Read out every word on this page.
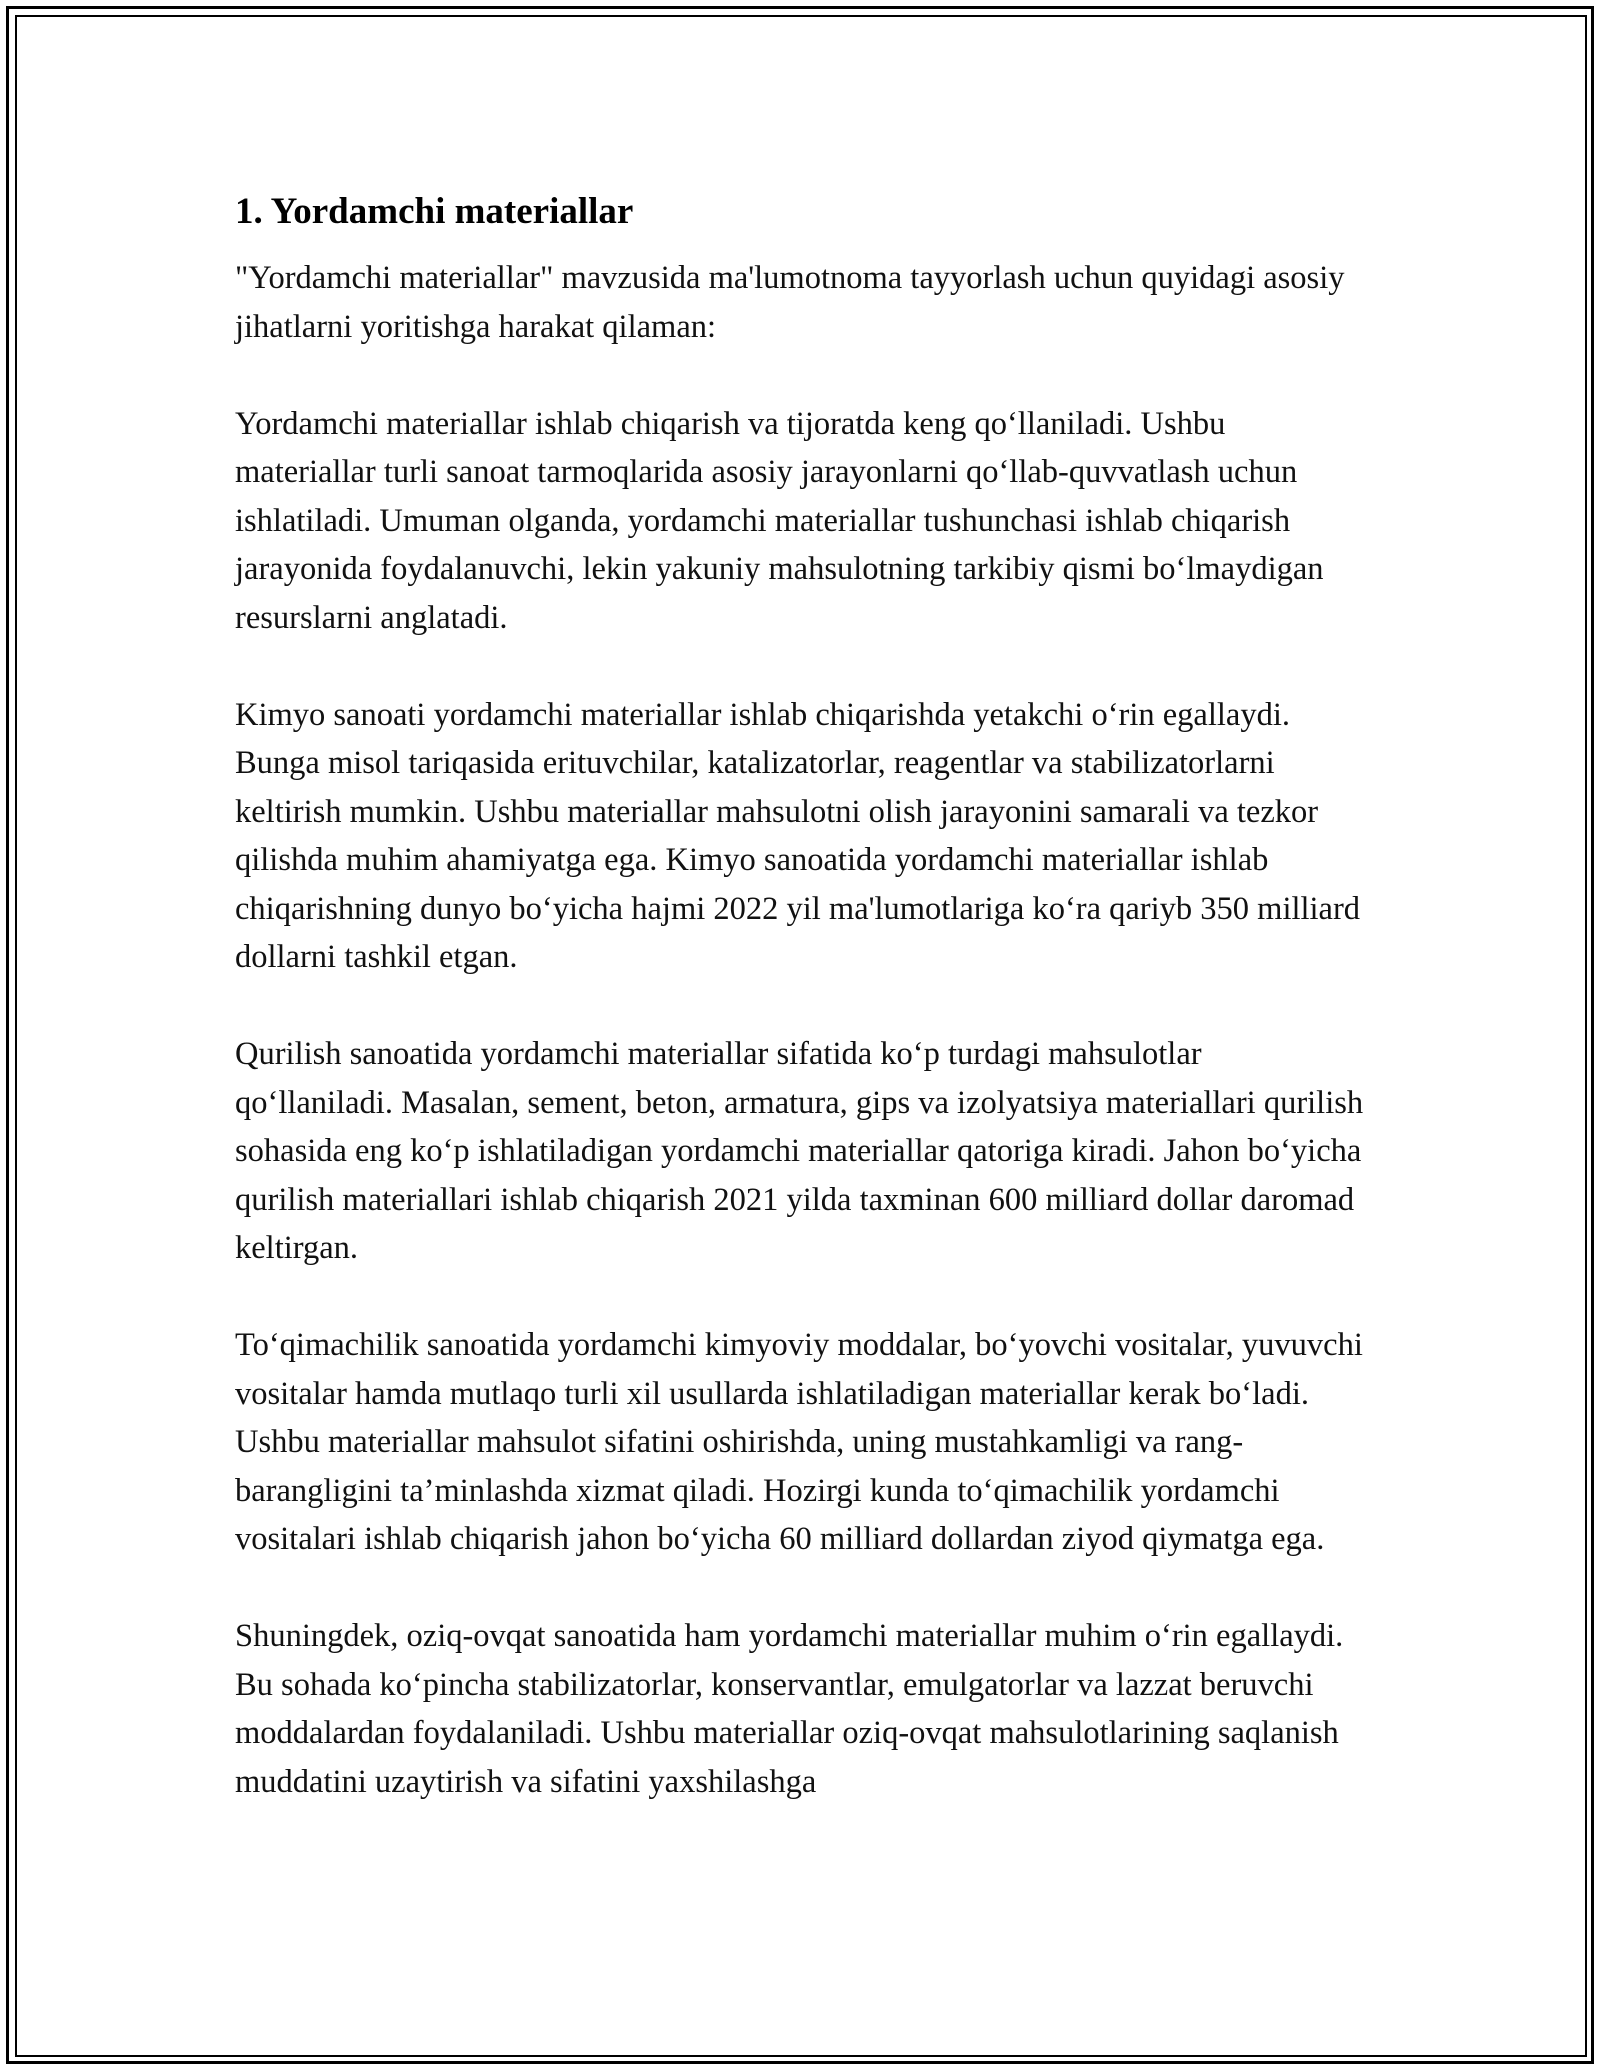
1. Yordamchi materiallar

"Yordamchi materiallar" mavzusida ma'lumotnoma tayyorlash uchun quyidagi asosiy jihatlarni yoritishga harakat qilaman:

Yordamchi materiallar ishlab chiqarish va tijoratda keng qo‘llaniladi. Ushbu materiallar turli sanoat tarmoqlarida asosiy jarayonlarni qo‘llab-quvvatlash uchun ishlatiladi. Umuman olganda, yordamchi materiallar tushunchasi ishlab chiqarish jarayonida foydalanuvchi, lekin yakuniy mahsulotning tarkibiy qismi bo‘lmaydigan resurslarni anglatadi.

Kimyo sanoati yordamchi materiallar ishlab chiqarishda yetakchi o‘rin egallaydi. Bunga misol tariqasida erituvchilar, katalizatorlar, reagentlar va stabilizatorlarni keltirish mumkin. Ushbu materiallar mahsulotni olish jarayonini samarali va tezkor qilishda muhim ahamiyatga ega. Kimyo sanoatida yordamchi materiallar ishlab chiqarishning dunyo bo‘yicha hajmi 2022 yil ma'lumotlariga ko‘ra qariyb 350 milliard dollarni tashkil etgan.

Qurilish sanoatida yordamchi materiallar sifatida ko‘p turdagi mahsulotlar qo‘llaniladi. Masalan, sement, beton, armatura, gips va izolyatsiya materiallari qurilish sohasida eng ko‘p ishlatiladigan yordamchi materiallar qatoriga kiradi. Jahon bo‘yicha qurilish materiallari ishlab chiqarish 2021 yilda taxminan 600 milliard dollar daromad keltirgan.

To‘qimachilik sanoatida yordamchi kimyoviy moddalar, bo‘yovchi vositalar, yuvuvchi vositalar hamda mutlaqo turli xil usullarda ishlatiladigan materiallar kerak bo‘ladi. Ushbu materiallar mahsulot sifatini oshirishda, uning mustahkamligi va rang-barangligini ta’minlashda xizmat qiladi. Hozirgi kunda to‘qimachilik yordamchi vositalari ishlab chiqarish jahon bo‘yicha 60 milliard dollardan ziyod qiymatga ega.

Shuningdek, oziq-ovqat sanoatida ham yordamchi materiallar muhim o‘rin egallaydi. Bu sohada ko‘pincha stabilizatorlar, konservantlar, emulgatorlar va lazzat beruvchi moddalardan foydalaniladi. Ushbu materiallar oziq-ovqat mahsulotlarining saqlanish muddatini uzaytirish va sifatini yaxshilashga
